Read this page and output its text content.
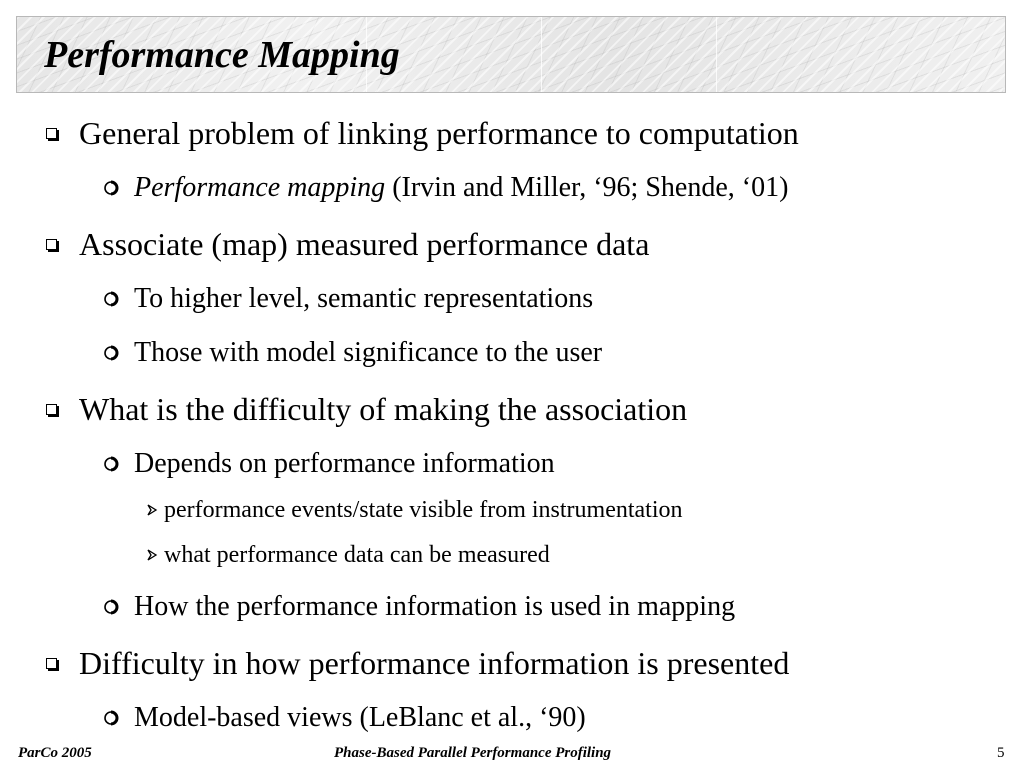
Performance Mapping
General problem of linking performance to computation
Performance mapping (Irvin and Miller, ‘96; Shende, ‘01)
Associate (map) measured performance data
To higher level, semantic representations
Those with model significance to the user
What is the difficulty of making the association
Depends on performance information
performance events/state visible from instrumentation
what performance data can be measured
How the performance information is used in mapping
Difficulty in how performance information is presented
Model-based views (LeBlanc et al., ‘90)
ParCo 2005	Phase-Based Parallel Performance Profiling	5
